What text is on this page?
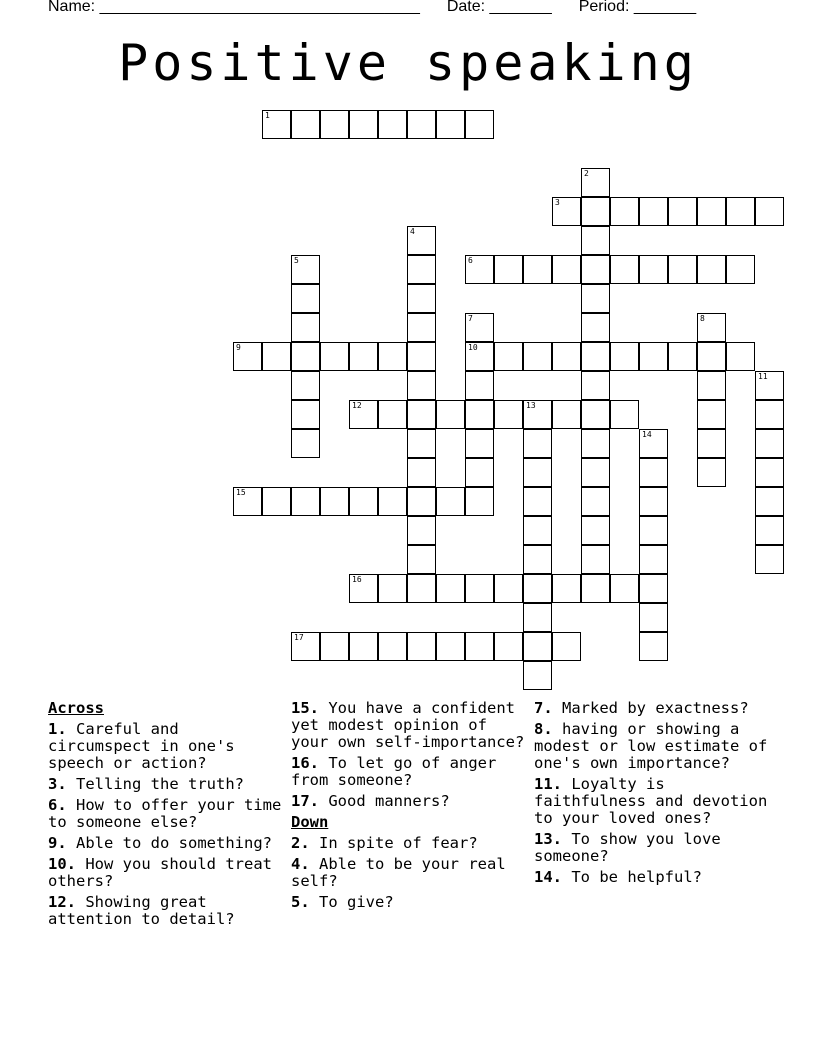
Name: ____________________________________ Date: _______ Period: _______
Positive speaking
1
2
3
4
5	6
7
10
8
9
11
12	13
14
15
16
17
Across
1. Careful and circumspect in one's speech or action?
3. Telling the truth?
6. How to offer your time to someone else?
9. Able to do something?
10. How you should treat others?
12. Showing great attention to detail?
15. You have a confident yet modest opinion of your own self-importance?
16. To let go of anger from someone?
17. Good manners?
Down
2. In spite of fear?
4. Able to be your real self?
5. To give?
7. Marked by exactness?
8. having or showing a modest or low estimate of one's own importance?
11. Loyalty is faithfulness and devotion to your loved ones?
13. To show you love someone?
14. To be helpful?
